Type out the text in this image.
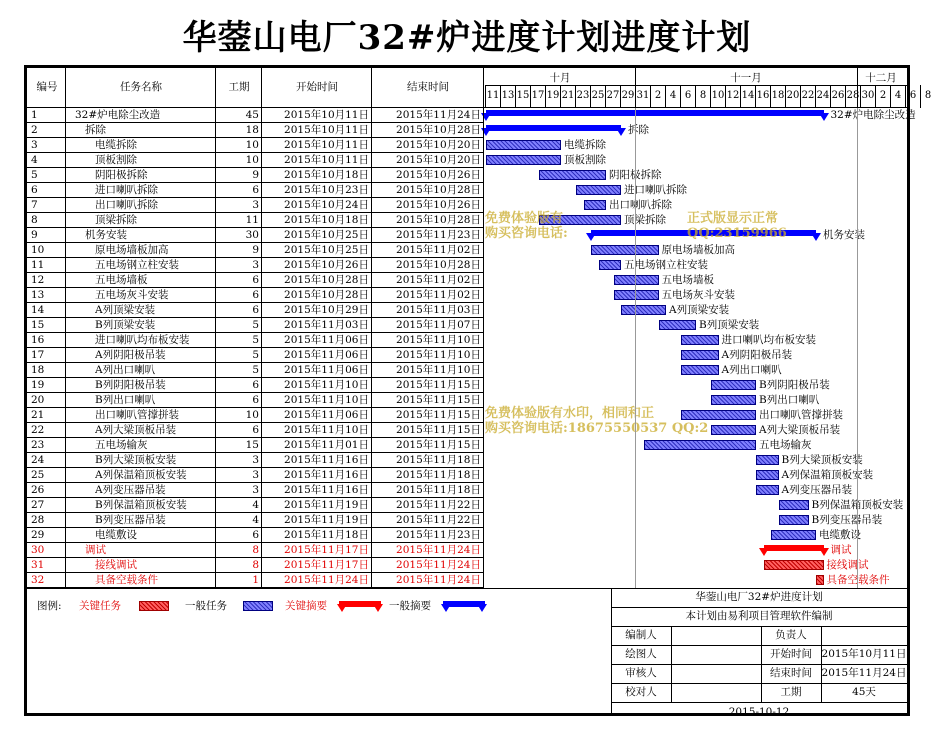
华蓥山电厂32#炉进度计划进度计划
编号	任务名称	工期	开始时间	结束时间
十月	十一月	十二月
11 13 15 17 19 21 23 25 27 29 31 2 4 6 8 10 12 14 16 18 20 22 24 26 28 30 2 4 6 8
1	32#炉电除尘改造	45	2015年10月11日	2015年11月24日
2	拆除	18	2015年10月11日	2015年10月28日
3	电缆拆除	10	2015年10月11日	2015年10月20日
4	顶板割除	10	2015年10月11日	2015年10月20日
5	阴阳极拆除	9	2015年10月18日	2015年10月26日
6	进口喇叭拆除	6	2015年10月23日	2015年10月28日
7	出口喇叭拆除	3	2015年10月24日	2015年10月26日
8	顶梁拆除	11	2015年10月18日	2015年10月28日
9	机务安装	30	2015年10月25日	2015年11月23日
10	原电场墙板加高	9	2015年10月25日	2015年11月02日
11	五电场钢立柱安装	3	2015年10月26日	2015年10月28日
12	五电场墙板	6	2015年10月28日	2015年11月02日
13	五电场灰斗安装	6	2015年10月28日	2015年11月02日
14	A列顶梁安装	6	2015年10月29日	2015年11月03日
15	B列顶梁安装	5	2015年11月03日	2015年11月07日
16	进口喇叭均布板安装	5	2015年11月06日	2015年11月10日
17	A列阴阳极吊装	5	2015年11月06日	2015年11月10日
18	A列出口喇叭	5	2015年11月06日	2015年11月10日
19	B列阴阳极吊装	6	2015年11月10日	2015年11月15日
20	B列出口喇叭	6	2015年11月10日	2015年11月15日
21	出口喇叭管撑拼装	10	2015年11月06日	2015年11月15日
22	A列大梁顶板吊装	6	2015年11月10日	2015年11月15日
23	五电场输灰	15	2015年11月01日	2015年11月15日
24	B列大梁顶板安装	3	2015年11月16日	2015年11月18日
25	A列保温箱顶板安装	3	2015年11月16日	2015年11月18日
26	A列变压器吊装	3	2015年11月16日	2015年11月18日
27	B列保温箱顶板安装	4	2015年11月19日	2015年11月22日
28	B列变压器吊装	4	2015年11月19日	2015年11月22日
29	电缆敷设	6	2015年11月18日	2015年11月23日
30	调试	8	2015年11月17日	2015年11月24日
31	接线调试	8	2015年11月17日	2015年11月24日
32	具备空载条件	1	2015年11月24日	2015年11月24日
32#炉电除尘改造
拆除
电缆拆除
顶板割除
阴阳极拆除
进口喇叭拆除
出口喇叭拆除
顶梁拆除
机务安装
原电场墙板加高
五电场钢立柱安装
五电场墙板
五电场灰斗安装
A列顶梁安装
B列顶梁安装
进口喇叭均布板安装
A列阴阳极吊装
A列出口喇叭
B列阴阳极吊装
B列出口喇叭
出口喇叭管撑拼装
A列大梁顶板吊装
五电场输灰
B列大梁顶板安装
A列保温箱顶板安装
A列变压器吊装
B列保温箱顶板安装
B列变压器吊装
电缆敷设
调试
接线调试
具备空载条件
免费体验版有	正式版显示正常
购买咨询电话:	QQ:23159966
免费体验版有水印，相同和正
购买咨询电话:18675550537 QQ:2
图例: 关键任务	一般任务	关键摘要	一般摘要
华蓥山电厂32#炉进度计划
本计划由易利项目管理软件编制
编制人	负责人
绘图人	开始时间 2015年10月11日
审核人	结束时间 2015年11月24日
校对人	工期	45天
2015-10-12
